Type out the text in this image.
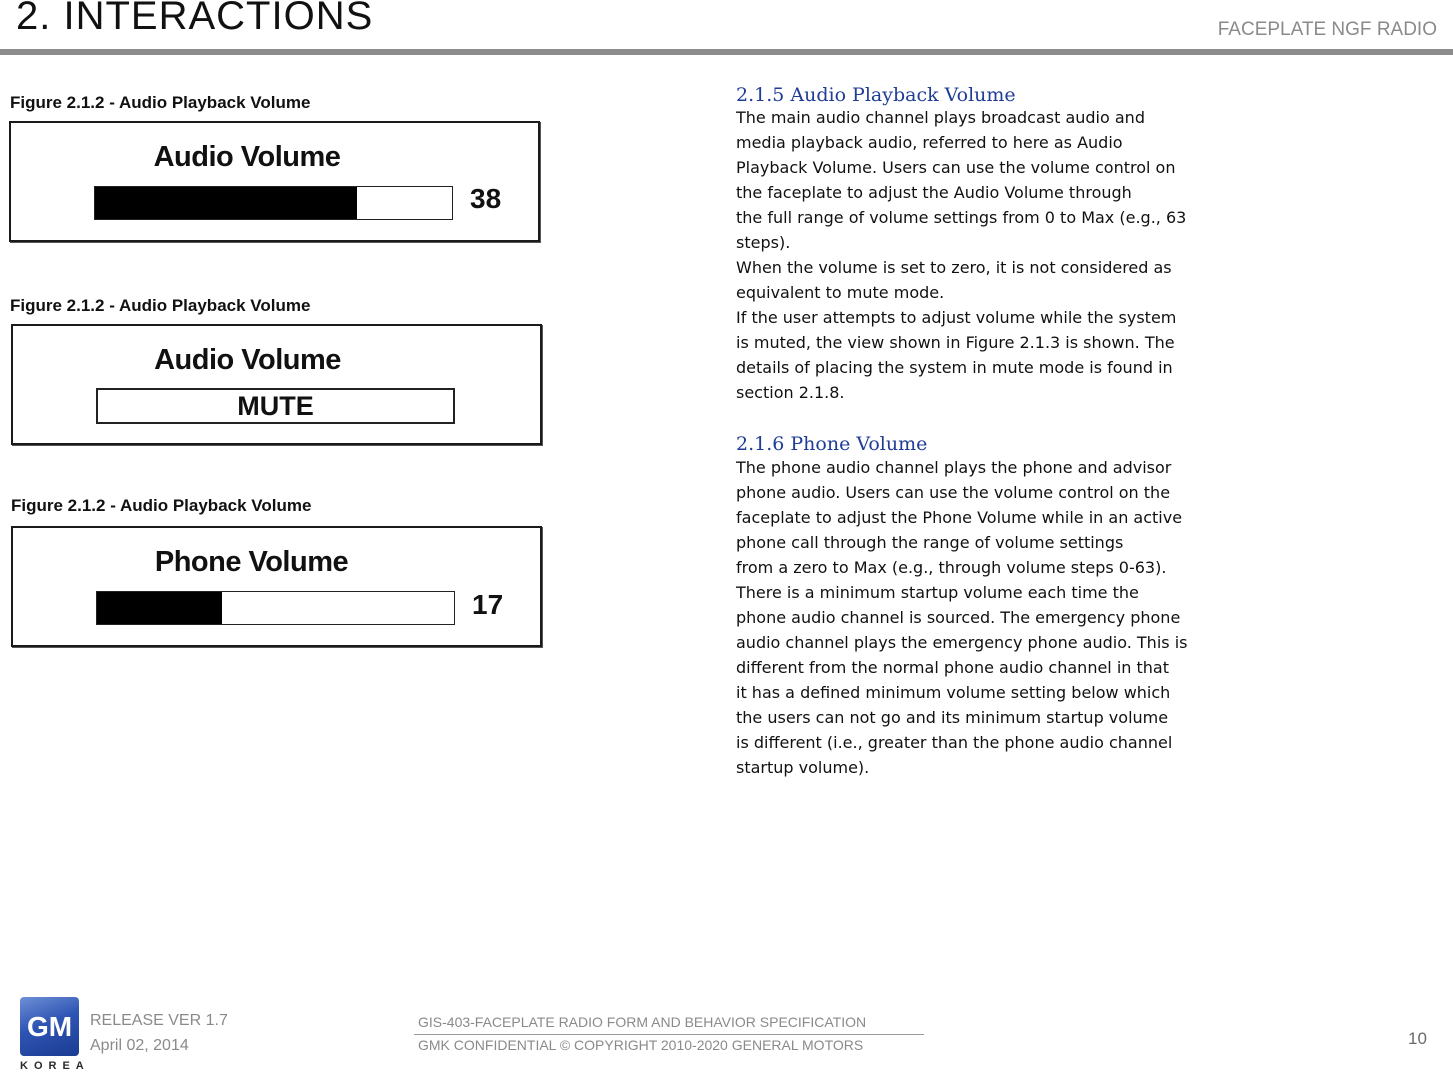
2. INTERACTIONS	FACEPLATE NGF RADIO
Figure 2.1.2 - Audio Playback Volume
Audio Volume
38
Figure 2.1.2 - Audio Playback Volume
Audio Volume
MUTE
Figure 2.1.2 - Audio Playback Volume
Phone Volume
17
2.1.5 Audio Playback Volume
The main audio channel plays broadcast audio and
media playback audio, referred to here as Audio
Playback Volume. Users can use the volume control on
the faceplate to adjust the Audio Volume through
the full range of volume settings from 0 to Max (e.g., 63
steps).
When the volume is set to zero, it is not considered as
equivalent to mute mode.
If the user attempts to adjust volume while the system
is muted, the view shown in Figure 2.1.3 is shown. The
details of placing the system in mute mode is found in
section 2.1.8.
2.1.6 Phone Volume
The phone audio channel plays the phone and advisor
phone audio. Users can use the volume control on the
faceplate to adjust the Phone Volume while in an active
phone call through the range of volume settings
from a zero to Max (e.g., through volume steps 0-63).
There is a minimum startup volume each time the
phone audio channel is sourced. The emergency phone
audio channel plays the emergency phone audio. This is
different from the normal phone audio channel in that
it has a defined minimum volume setting below which
the users can not go and its minimum startup volume
is different (i.e., greater than the phone audio channel
startup volume).
GM
KOREA
RELEASE VER 1.7
April 02, 2014
GIS-403-FACEPLATE RADIO FORM AND BEHAVIOR SPECIFICATION
GMK CONFIDENTIAL © COPYRIGHT 2010-2020 GENERAL MOTORS	10
